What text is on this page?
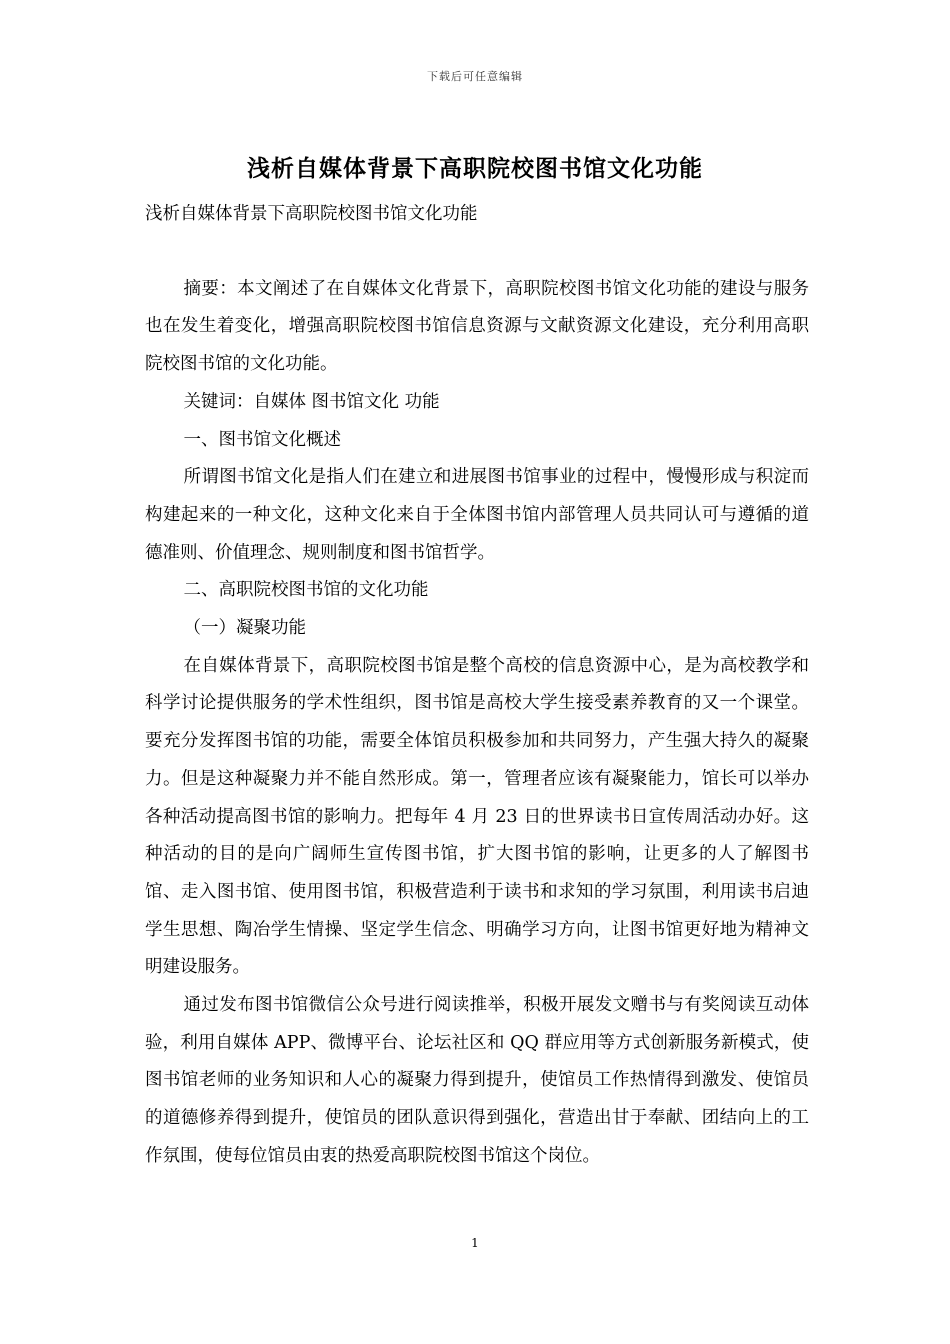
下载后可任意编辑
浅析自媒体背景下高职院校图书馆文化功能

浅析自媒体背景下高职院校图书馆文化功能

摘要：本文阐述了在自媒体文化背景下，高职院校图书馆文化功能的建设与服务也在发生着变化，增强高职院校图书馆信息资源与文献资源文化建设，充分利用高职院校图书馆的文化功能。

关键词：自媒体 图书馆文化 功能

一、图书馆文化概述

所谓图书馆文化是指人们在建立和进展图书馆事业的过程中，慢慢形成与积淀而构建起来的一种文化，这种文化来自于全体图书馆内部管理人员共同认可与遵循的道德准则、价值理念、规则制度和图书馆哲学。

二、高职院校图书馆的文化功能

（一）凝聚功能

在自媒体背景下，高职院校图书馆是整个高校的信息资源中心，是为高校教学和科学讨论提供服务的学术性组织，图书馆是高校大学生接受素养教育的又一个课堂。要充分发挥图书馆的功能，需要全体馆员积极参加和共同努力，产生强大持久的凝聚力。但是这种凝聚力并不能自然形成。第一，管理者应该有凝聚能力，馆长可以举办各种活动提高图书馆的影响力。把每年 4 月 23 日的世界读书日宣传周活动办好。这种活动的目的是向广阔师生宣传图书馆，扩大图书馆的影响，让更多的人了解图书馆、走入图书馆、使用图书馆，积极营造利于读书和求知的学习氛围，利用读书启迪学生思想、陶冶学生情操、坚定学生信念、明确学习方向，让图书馆更好地为精神文明建设服务。

通过发布图书馆微信公众号进行阅读推举，积极开展发文赠书与有奖阅读互动体验，利用自媒体 APP、微博平台、论坛社区和 QQ 群应用等方式创新服务新模式，使图书馆老师的业务知识和人心的凝聚力得到提升，使馆员工作热情得到激发、使馆员的道德修养得到提升，使馆员的团队意识得到强化，营造出甘于奉献、团结向上的工作氛围，使每位馆员由衷的热爱高职院校图书馆这个岗位。

1
